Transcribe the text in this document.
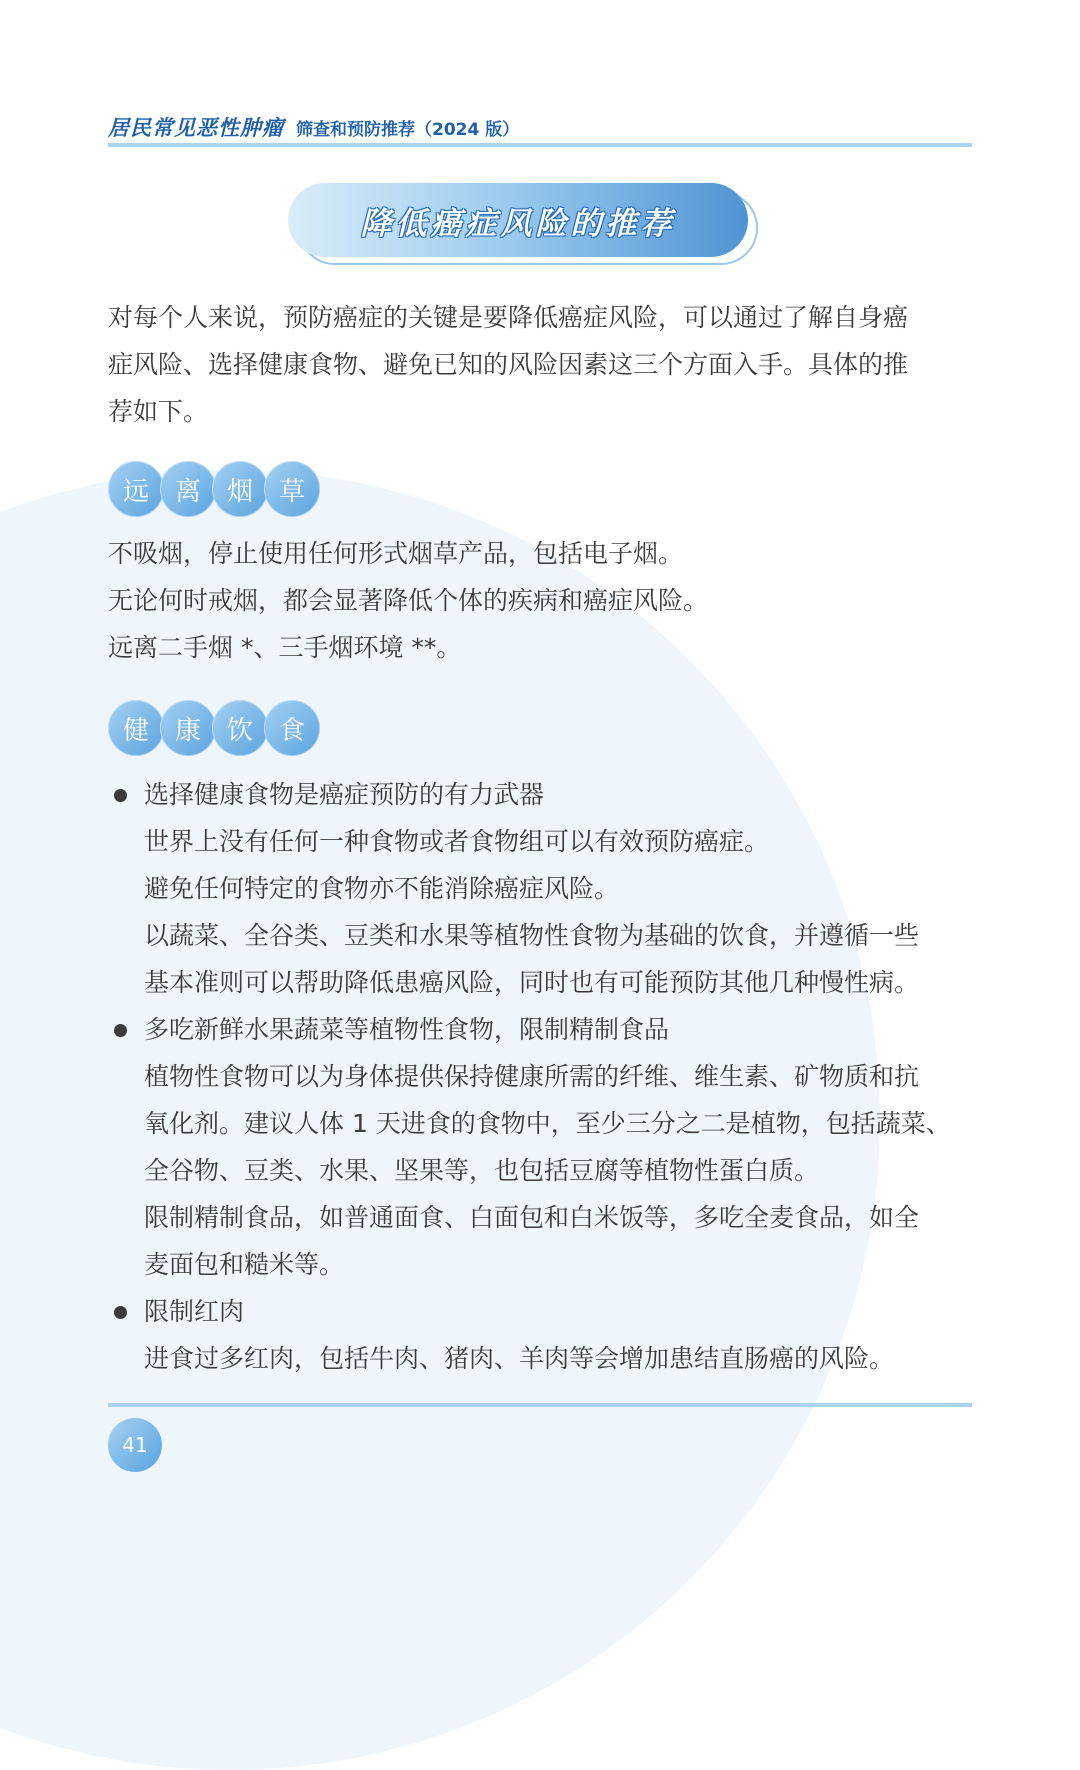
居民常见恶性肿瘤 筛查和预防推荐（2024 版）
降低癌症风险的推荐
对每个人来说，预防癌症的关键是要降低癌症风险，可以通过了解自身癌
症风险、选择健康食物、避免已知的风险因素这三个方面入手。具体的推
荐如下。
远 离 烟 草
不吸烟，停止使用任何形式烟草产品，包括电子烟。
无论何时戒烟，都会显著降低个体的疾病和癌症风险。
远离二手烟 *、三手烟环境 **。
健 康 饮 食
选择健康食物是癌症预防的有力武器
世界上没有任何一种食物或者食物组可以有效预防癌症。
避免任何特定的食物亦不能消除癌症风险。
以蔬菜、全谷类、豆类和水果等植物性食物为基础的饮食，并遵循一些
基本准则可以帮助降低患癌风险，同时也有可能预防其他几种慢性病。
多吃新鲜水果蔬菜等植物性食物，限制精制食品
植物性食物可以为身体提供保持健康所需的纤维、维生素、矿物质和抗
氧化剂。建议人体 1 天进食的食物中，至少三分之二是植物，包括蔬菜、
全谷物、豆类、水果、坚果等，也包括豆腐等植物性蛋白质。
限制精制食品，如普通面食、白面包和白米饭等，多吃全麦食品，如全
麦面包和糙米等。
限制红肉
进食过多红肉，包括牛肉、猪肉、羊肉等会增加患结直肠癌的风险。
41
